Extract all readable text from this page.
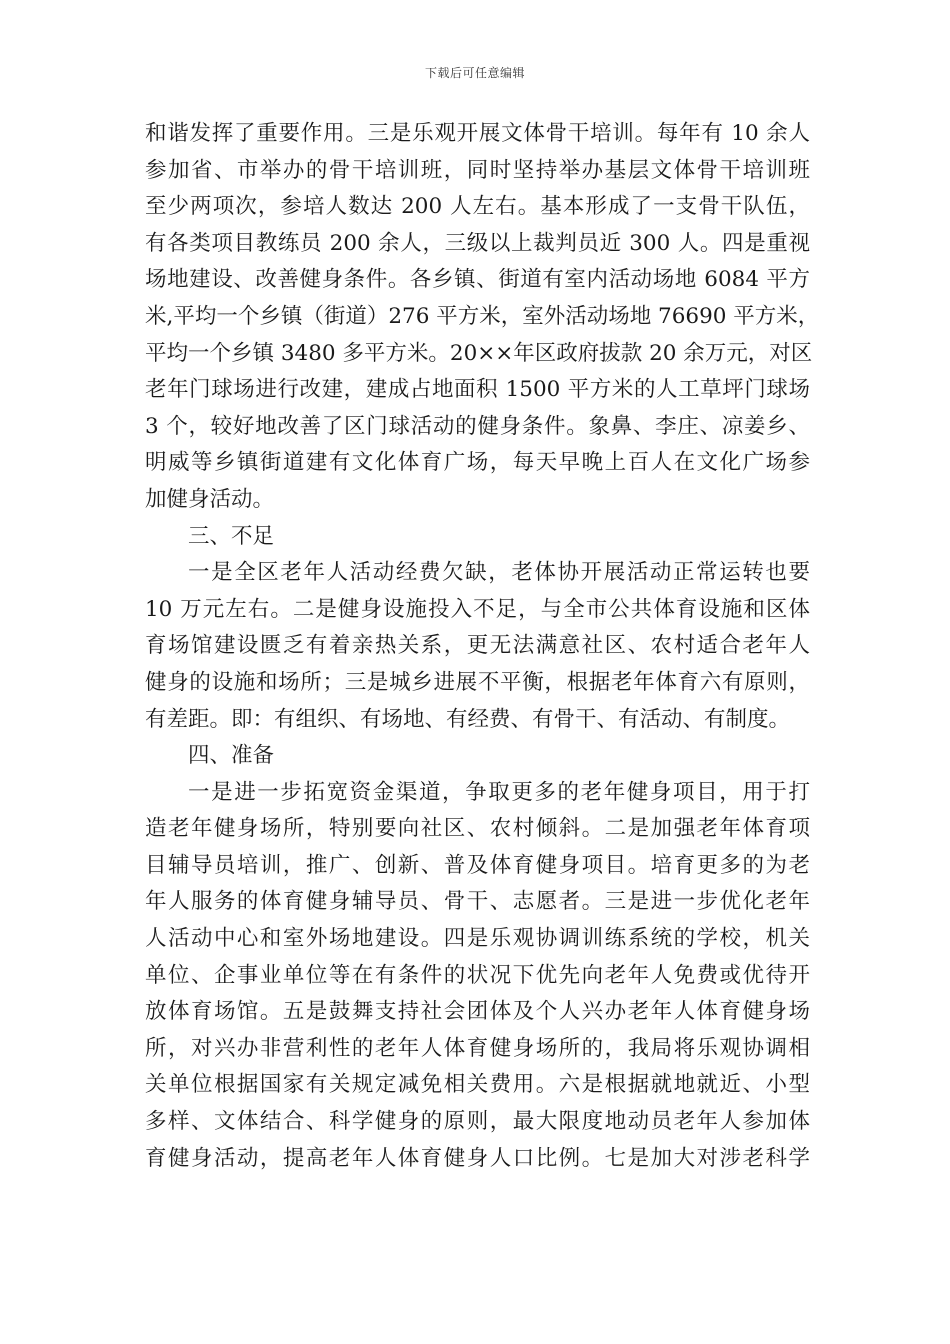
下载后可任意编辑
和谐发挥了重要作用。三是乐观开展文体骨干培训。每年有 10 余人
参加省、市举办的骨干培训班，同时坚持举办基层文体骨干培训班
至少两项次，参培人数达 200 人左右。基本形成了一支骨干队伍，
有各类项目教练员 200 余人，三级以上裁判员近 300 人。四是重视
场地建设、改善健身条件。各乡镇、街道有室内活动场地 6084 平方
米,平均一个乡镇（街道）276 平方米，室外活动场地 76690 平方米，
平均一个乡镇 3480 多平方米。20××年区政府拔款 20 余万元，对区
老年门球场进行改建，建成占地面积 1500 平方米的人工草坪门球场
3 个，较好地改善了区门球活动的健身条件。象鼻、李庄、凉姜乡、
明威等乡镇街道建有文化体育广场，每天早晚上百人在文化广场参
加健身活动。
三、不足
一是全区老年人活动经费欠缺，老体协开展活动正常运转也要
10 万元左右。二是健身设施投入不足，与全市公共体育设施和区体
育场馆建设匮乏有着亲热关系，更无法满意社区、农村适合老年人
健身的设施和场所；三是城乡进展不平衡，根据老年体育六有原则，
有差距。即：有组织、有场地、有经费、有骨干、有活动、有制度。
四、准备
一是进一步拓宽资金渠道，争取更多的老年健身项目，用于打
造老年健身场所，特别要向社区、农村倾斜。二是加强老年体育项
目辅导员培训，推广、创新、普及体育健身项目。培育更多的为老
年人服务的体育健身辅导员、骨干、志愿者。三是进一步优化老年
人活动中心和室外场地建设。四是乐观协调训练系统的学校，机关
单位、企事业单位等在有条件的状况下优先向老年人免费或优待开
放体育场馆。五是鼓舞支持社会团体及个人兴办老年人体育健身场
所，对兴办非营利性的老年人体育健身场所的，我局将乐观协调相
关单位根据国家有关规定减免相关费用。六是根据就地就近、小型
多样、文体结合、科学健身的原则，最大限度地动员老年人参加体
育健身活动，提高老年人体育健身人口比例。七是加大对涉老科学
